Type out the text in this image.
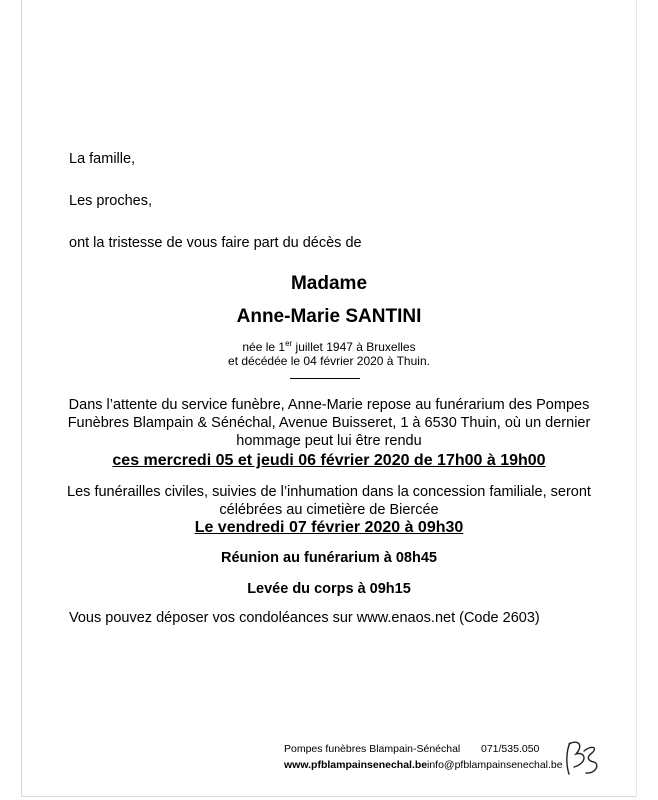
La famille,
Les proches,
ont la tristesse de vous faire part du décès de
Madame
Anne-Marie SANTINI
née le 1er juillet 1947 à Bruxelles
et décédée le 04 février 2020 à Thuin.
Dans l’attente du service funèbre, Anne-Marie repose au funérarium des Pompes
Funèbres Blampain & Sénéchal, Avenue Buisseret, 1 à 6530 Thuin, où un dernier
hommage peut lui être rendu
ces mercredi 05 et jeudi 06 février 2020 de 17h00 à 19h00
Les funérailles civiles, suivies de l’inhumation dans la concession familiale, seront
célébrées au cimetière de Biercée
Le vendredi 07 février 2020 à 09h30
Réunion au funérarium à 08h45
Levée du corps à 09h15
Vous pouvez déposer vos condoléances sur www.enaos.net (Code 2603)
Pompes funèbres Blampain-Sénéchal 071/535.050
www.pfblampainsenechal.be info@pfblampainsenechal.be
